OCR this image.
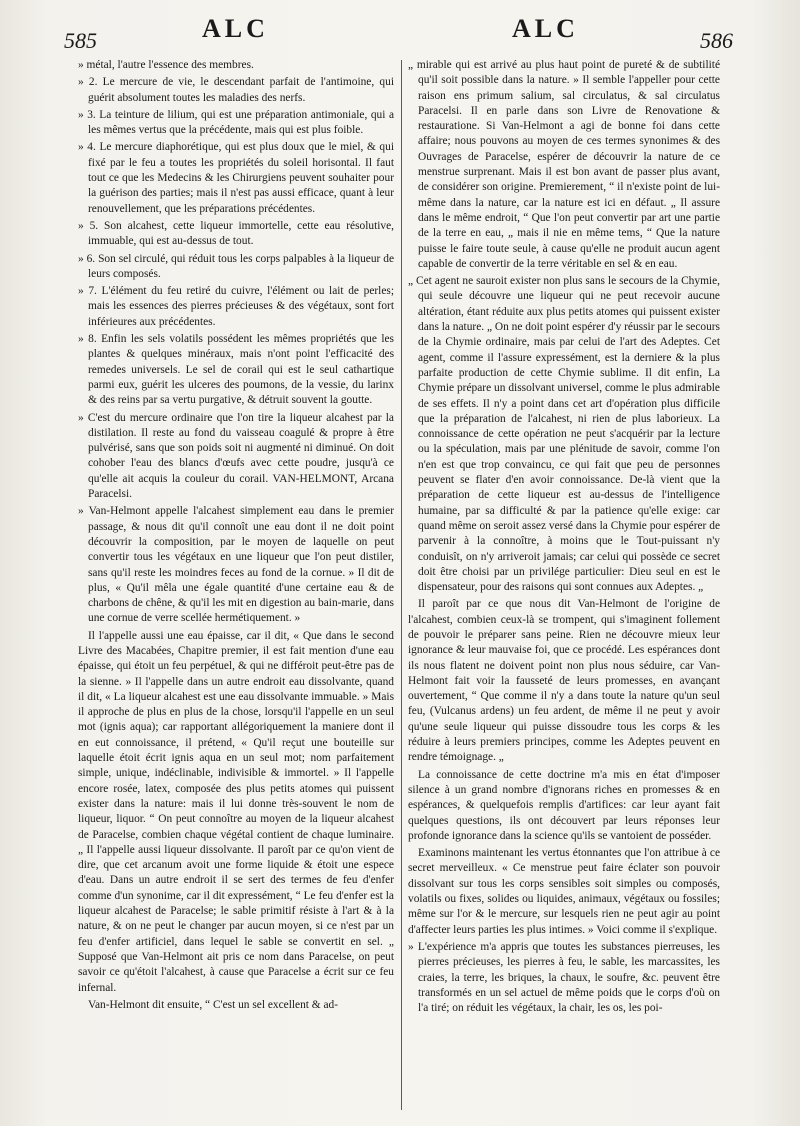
585	ALC	ALC	586

» métal, l'autre l'essence des membres.

» 2. Le mercure de vie, le descendant parfait de l'antimoine, qui guérit absolument toutes les maladies des nerfs.

» 3. La teinture de lilium, qui est une préparation antimoniale, qui a les mêmes vertus que la précédente, mais qui est plus foible.

» 4. Le mercure diaphorétique, qui est plus doux que le miel, & qui fixé par le feu a toutes les propriétés du soleil horisontal. Il faut tout ce que les Medecins & les Chirurgiens peuvent souhaiter pour la guérison des parties; mais il n'est pas aussi efficace, quant à leur renouvellement, que les préparations précédentes.

» 5. Son alcahest, cette liqueur immortelle, cette eau résolutive, immuable, qui est au-dessus de tout.

» 6. Son sel circulé, qui réduit tous les corps palpables à la liqueur de leurs composés.

» 7. L'élément du feu retiré du cuivre, l'élément ou lait de perles; mais les essences des pierres précieuses & des végétaux, sont fort inférieures aux précédentes.

» 8. Enfin les sels volatils possédent les mêmes propriétés que les plantes & quelques minéraux, mais n'ont point l'efficacité des remedes universels. Le sel de corail qui est le seul cathartique parmi eux, guérit les ulceres des poumons, de la vessie, du larinx & des reins par sa vertu purgative, & détruit souvent la goutte.

» C'est du mercure ordinaire que l'on tire la liqueur alcahest par la distilation. Il reste au fond du vaisseau coagulé & propre à être pulvérisé, sans que son poids soit ni augmenté ni diminué. On doit cohober l'eau des blancs d'œufs avec cette poudre, jusqu'à ce qu'elle ait acquis la couleur du corail. VAN-HELMONT, Arcana Paracelsi.

» Van-Helmont appelle l'alcahest simplement eau dans le premier passage, & nous dit qu'il connoît une eau dont il ne doit point découvrir la composition, par le moyen de laquelle on peut convertir tous les végétaux en une liqueur que l'on peut distiler, sans qu'il reste les moindres feces au fond de la cornue. » Il dit de plus, « Qu'il mêla une égale quantité d'une certaine eau & de charbons de chêne, & qu'il les mit en digestion au bain-marie, dans une cornue de verre scellée hermétiquement. »

Il l'appelle aussi une eau épaisse, car il dit, « Que dans le second Livre des Macabées, Chapitre premier, il est fait mention d'une eau épaisse, qui étoit un feu perpétuel, & qui ne différoit peut-être pas de la sienne. » Il l'appelle dans un autre endroit eau dissolvante, quand il dit, « La liqueur alcahest est une eau dissolvante immuable. » Mais il approche de plus en plus de la chose, lorsqu'il l'appelle en un seul mot (ignis aqua); car rapportant allégoriquement la maniere dont il en eut connoissance, il prétend, « Qu'il reçut une bouteille sur laquelle étoit écrit ignis aqua en un seul mot; nom parfaitement simple, unique, indéclinable, indivisible & immortel. » Il l'appelle encore rosée, latex, composée des plus petits atomes qui puissent exister dans la nature: mais il lui donne très-souvent le nom de liqueur, liquor. “ On peut connoître au moyen de la liqueur alcahest de Paracelse, combien chaque végétal contient de chaque luminaire. „ Il l'appelle aussi liqueur dissolvante. Il paroît par ce qu'on vient de dire, que cet arcanum avoit une forme liquide & étoit une espece d'eau. Dans un autre endroit il se sert des termes de feu d'enfer comme d'un synonime, car il dit expressément, “ Le feu d'enfer est la liqueur alcahest de Paracelse; le sable primitif résiste à l'art & à la nature, & on ne peut le changer par aucun moyen, si ce n'est par un feu d'enfer artificiel, dans lequel le sable se convertit en sel. „ Supposé que Van-Helmont ait pris ce nom dans Paracelse, on peut savoir ce qu'étoit l'alcahest, à cause que Paracelse a écrit sur ce feu infernal.

Van-Helmont dit ensuite, “ C'est un sel excellent & ad-

„ mirable qui est arrivé au plus haut point de pureté & de subtilité qu'il soit possible dans la nature. » Il semble l'appeller pour cette raison ens primum salium, sal circulatus, & sal circulatus Paracelsi. Il en parle dans son Livre de Renovatione & restauratione. Si Van-Helmont a agi de bonne foi dans cette affaire; nous pouvons au moyen de ces termes synonimes & des Ouvrages de Paracelse, espérer de découvrir la nature de ce menstrue surprenant. Mais il est bon avant de passer plus avant, de considérer son origine. Premierement, “ il n'existe point de lui-même dans la nature, car la nature est ici en défaut. „ Il assure dans le même endroit, “ Que l'on peut convertir par art une partie de la terre en eau, „ mais il nie en même tems, “ Que la nature puisse le faire toute seule, à cause qu'elle ne produit aucun agent capable de convertir de la terre véritable en sel & en eau.

„ Cet agent ne sauroit exister non plus sans le secours de la Chymie, qui seule découvre une liqueur qui ne peut recevoir aucune altération, étant réduite aux plus petits atomes qui puissent exister dans la nature. „ On ne doit point espérer d'y réussir par le secours de la Chymie ordinaire, mais par celui de l'art des Adeptes. Cet agent, comme il l'assure expressément, est la derniere & la plus parfaite production de cette Chymie sublime. Il dit enfin, La Chymie prépare un dissolvant universel, comme le plus admirable de ses effets. Il n'y a point dans cet art d'opération plus difficile que la préparation de l'alcahest, ni rien de plus laborieux. La connoissance de cette opération ne peut s'acquérir par la lecture ou la spéculation, mais par une plénitude de savoir, comme l'on n'en est que trop convaincu, ce qui fait que peu de personnes peuvent se flater d'en avoir connoissance. De-là vient que la préparation de cette liqueur est au-dessus de l'intelligence humaine, par sa difficulté & par la patience qu'elle exige: car quand même on seroit assez versé dans la Chymie pour espérer de parvenir à la connoître, à moins que le Tout-puissant n'y conduisît, on n'y arriveroit jamais; car celui qui possède ce secret doit être choisi par un privilége particulier: Dieu seul en est le dispensateur, pour des raisons qui sont connues aux Adeptes. „

Il paroît par ce que nous dit Van-Helmont de l'origine de l'alcahest, combien ceux-là se trompent, qui s'imaginent follement de pouvoir le préparer sans peine. Rien ne découvre mieux leur ignorance & leur mauvaise foi, que ce procédé. Les espérances dont ils nous flatent ne doivent point non plus nous séduire, car Van-Helmont fait voir la fausseté de leurs promesses, en avançant ouvertement, “ Que comme il n'y a dans toute la nature qu'un seul feu, (Vulcanus ardens) un feu ardent, de même il ne peut y avoir qu'une seule liqueur qui puisse dissoudre tous les corps & les réduire à leurs premiers principes, comme les Adeptes peuvent en rendre témoignage. „

La connoissance de cette doctrine m'a mis en état d'imposer silence à un grand nombre d'ignorans riches en promesses & en espérances, & quelquefois remplis d'artifices: car leur ayant fait quelques questions, ils ont découvert par leurs réponses leur profonde ignorance dans la science qu'ils se vantoient de posséder.

Examinons maintenant les vertus étonnantes que l'on attribue à ce secret merveilleux. « Ce menstrue peut faire éclater son pouvoir dissolvant sur tous les corps sensibles soit simples ou composés, volatils ou fixes, solides ou liquides, animaux, végétaux ou fossiles; même sur l'or & le mercure, sur lesquels rien ne peut agir au point d'affecter leurs parties les plus intimes. » Voici comme il s'explique.

» L'expérience m'a appris que toutes les substances pierreuses, les pierres précieuses, les pierres à feu, le sable, les marcassites, les craies, la terre, les briques, la chaux, le soufre, &c. peuvent être transformés en un sel actuel de même poids que le corps d'où on l'a tiré; on réduit les végétaux, la chair, les os, les poi-
